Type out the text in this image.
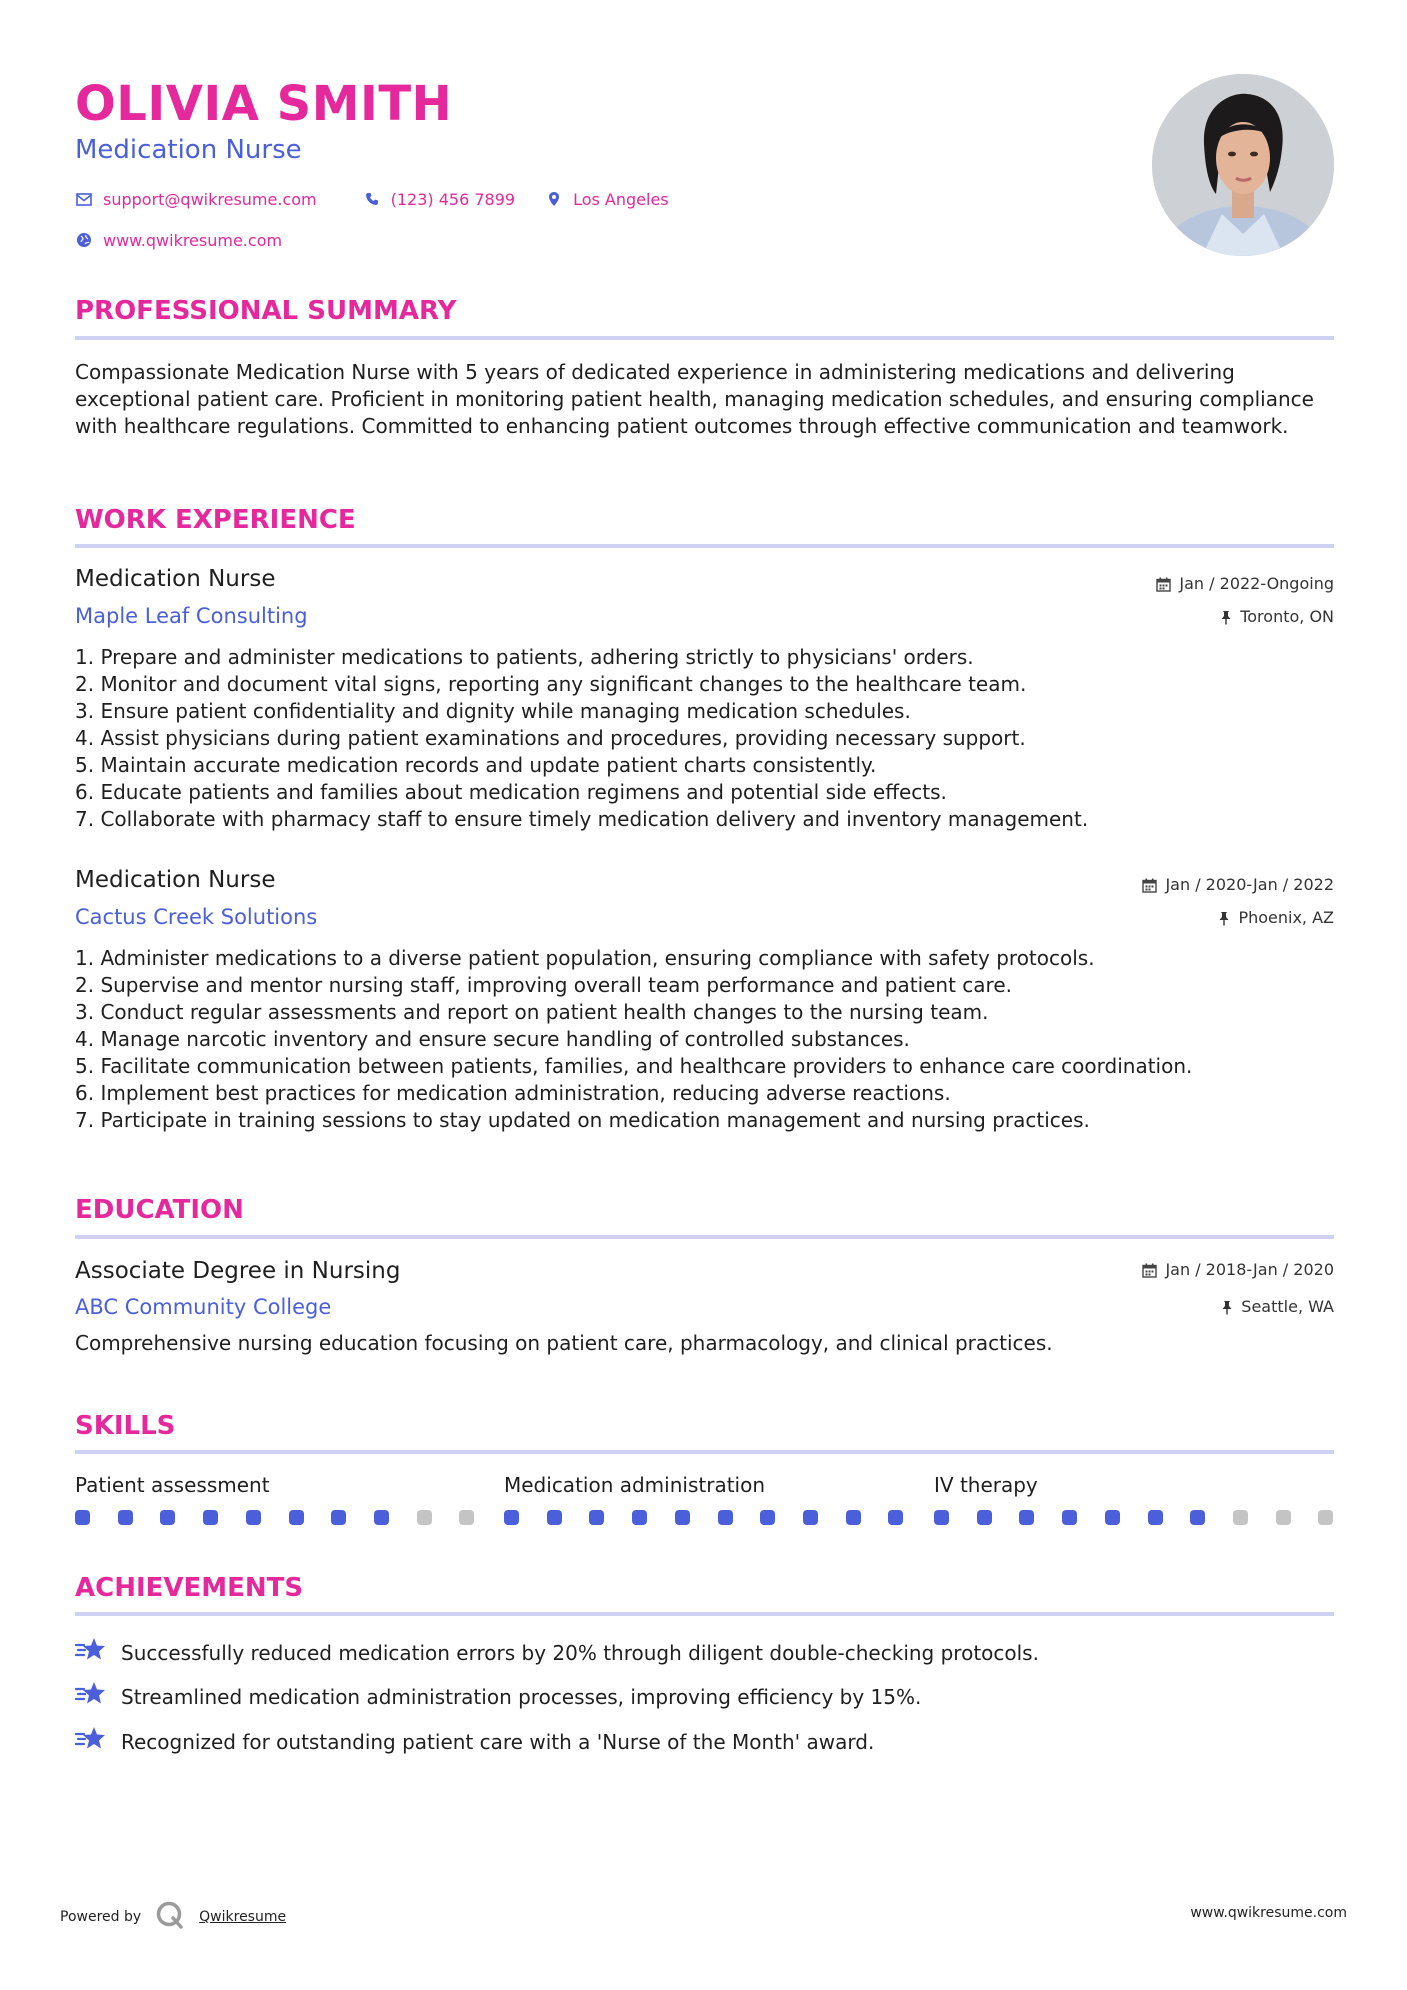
OLIVIA SMITH
Medication Nurse
support@qwikresume.com	(123) 456 7899	Los Angeles
www.qwikresume.com
PROFESSIONAL SUMMARY
Compassionate Medication Nurse with 5 years of dedicated experience in administering medications and delivering exceptional patient care. Proficient in monitoring patient health, managing medication schedules, and ensuring compliance with healthcare regulations. Committed to enhancing patient outcomes through effective communication and teamwork.
WORK EXPERIENCE
Medication Nurse	Jan / 2022-Ongoing
Maple Leaf Consulting	Toronto, ON
1. Prepare and administer medications to patients, adhering strictly to physicians' orders.
2. Monitor and document vital signs, reporting any significant changes to the healthcare team.
3. Ensure patient confidentiality and dignity while managing medication schedules.
4. Assist physicians during patient examinations and procedures, providing necessary support.
5. Maintain accurate medication records and update patient charts consistently.
6. Educate patients and families about medication regimens and potential side effects.
7. Collaborate with pharmacy staff to ensure timely medication delivery and inventory management.
Medication Nurse	Jan / 2020-Jan / 2022
Cactus Creek Solutions	Phoenix, AZ
1. Administer medications to a diverse patient population, ensuring compliance with safety protocols.
2. Supervise and mentor nursing staff, improving overall team performance and patient care.
3. Conduct regular assessments and report on patient health changes to the nursing team.
4. Manage narcotic inventory and ensure secure handling of controlled substances.
5. Facilitate communication between patients, families, and healthcare providers to enhance care coordination.
6. Implement best practices for medication administration, reducing adverse reactions.
7. Participate in training sessions to stay updated on medication management and nursing practices.
EDUCATION
Associate Degree in Nursing	Jan / 2018-Jan / 2020
ABC Community College	Seattle, WA
Comprehensive nursing education focusing on patient care, pharmacology, and clinical practices.
SKILLS
Patient assessment	Medication administration	IV therapy
ACHIEVEMENTS
Successfully reduced medication errors by 20% through diligent double-checking protocols.
Streamlined medication administration processes, improving efficiency by 15%.
Recognized for outstanding patient care with a 'Nurse of the Month' award.
Powered by	Qwikresume	www.qwikresume.com
